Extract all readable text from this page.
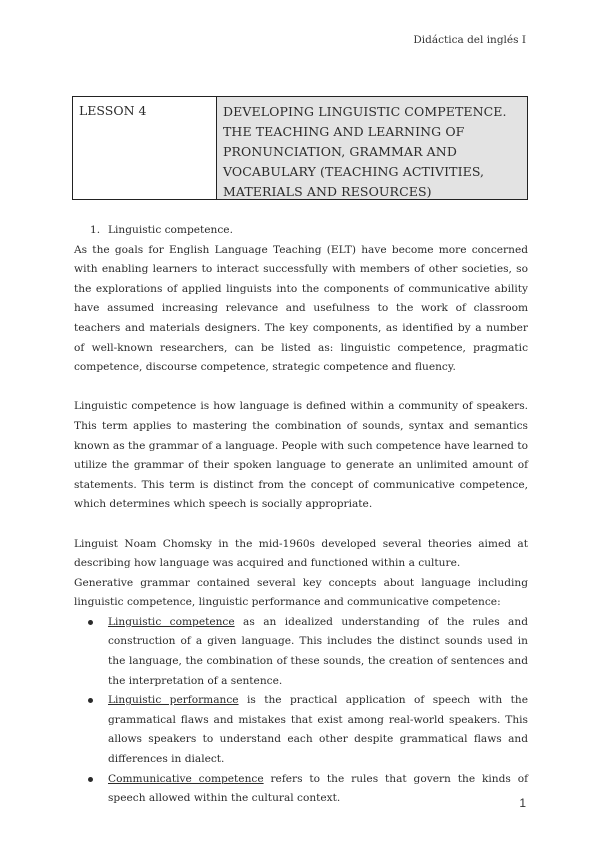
Didáctica del inglés I
LESSON 4	DEVELOPING LINGUISTIC COMPETENCE. THE TEACHING AND LEARNING OF PRONUNCIATION, GRAMMAR AND VOCABULARY (TEACHING ACTIVITIES, MATERIALS AND RESOURCES)

1. Linguistic competence.

As the goals for English Language Teaching (ELT) have become more concerned with enabling learners to interact successfully with members of other societies, so the explorations of applied linguists into the components of communicative ability have assumed increasing relevance and usefulness to the work of classroom teachers and materials designers. The key components, as identified by a number of well-known researchers, can be listed as: linguistic competence, pragmatic competence, discourse competence, strategic competence and fluency.

Linguistic competence is how language is defined within a community of speakers. This term applies to mastering the combination of sounds, syntax and semantics known as the grammar of a language. People with such competence have learned to utilize the grammar of their spoken language to generate an unlimited amount of statements. This term is distinct from the concept of communicative competence, which determines which speech is socially appropriate.

Linguist Noam Chomsky in the mid-1960s developed several theories aimed at describing how language was acquired and functioned within a culture.

Generative grammar contained several key concepts about language including linguistic competence, linguistic performance and communicative competence:

Linguistic competence as an idealized understanding of the rules and construction of a given language. This includes the distinct sounds used in the language, the combination of these sounds, the creation of sentences and the interpretation of a sentence.
Linguistic performance is the practical application of speech with the grammatical flaws and mistakes that exist among real-world speakers. This allows speakers to understand each other despite grammatical flaws and differences in dialect.
Communicative competence refers to the rules that govern the kinds of speech allowed within the cultural context.	1
